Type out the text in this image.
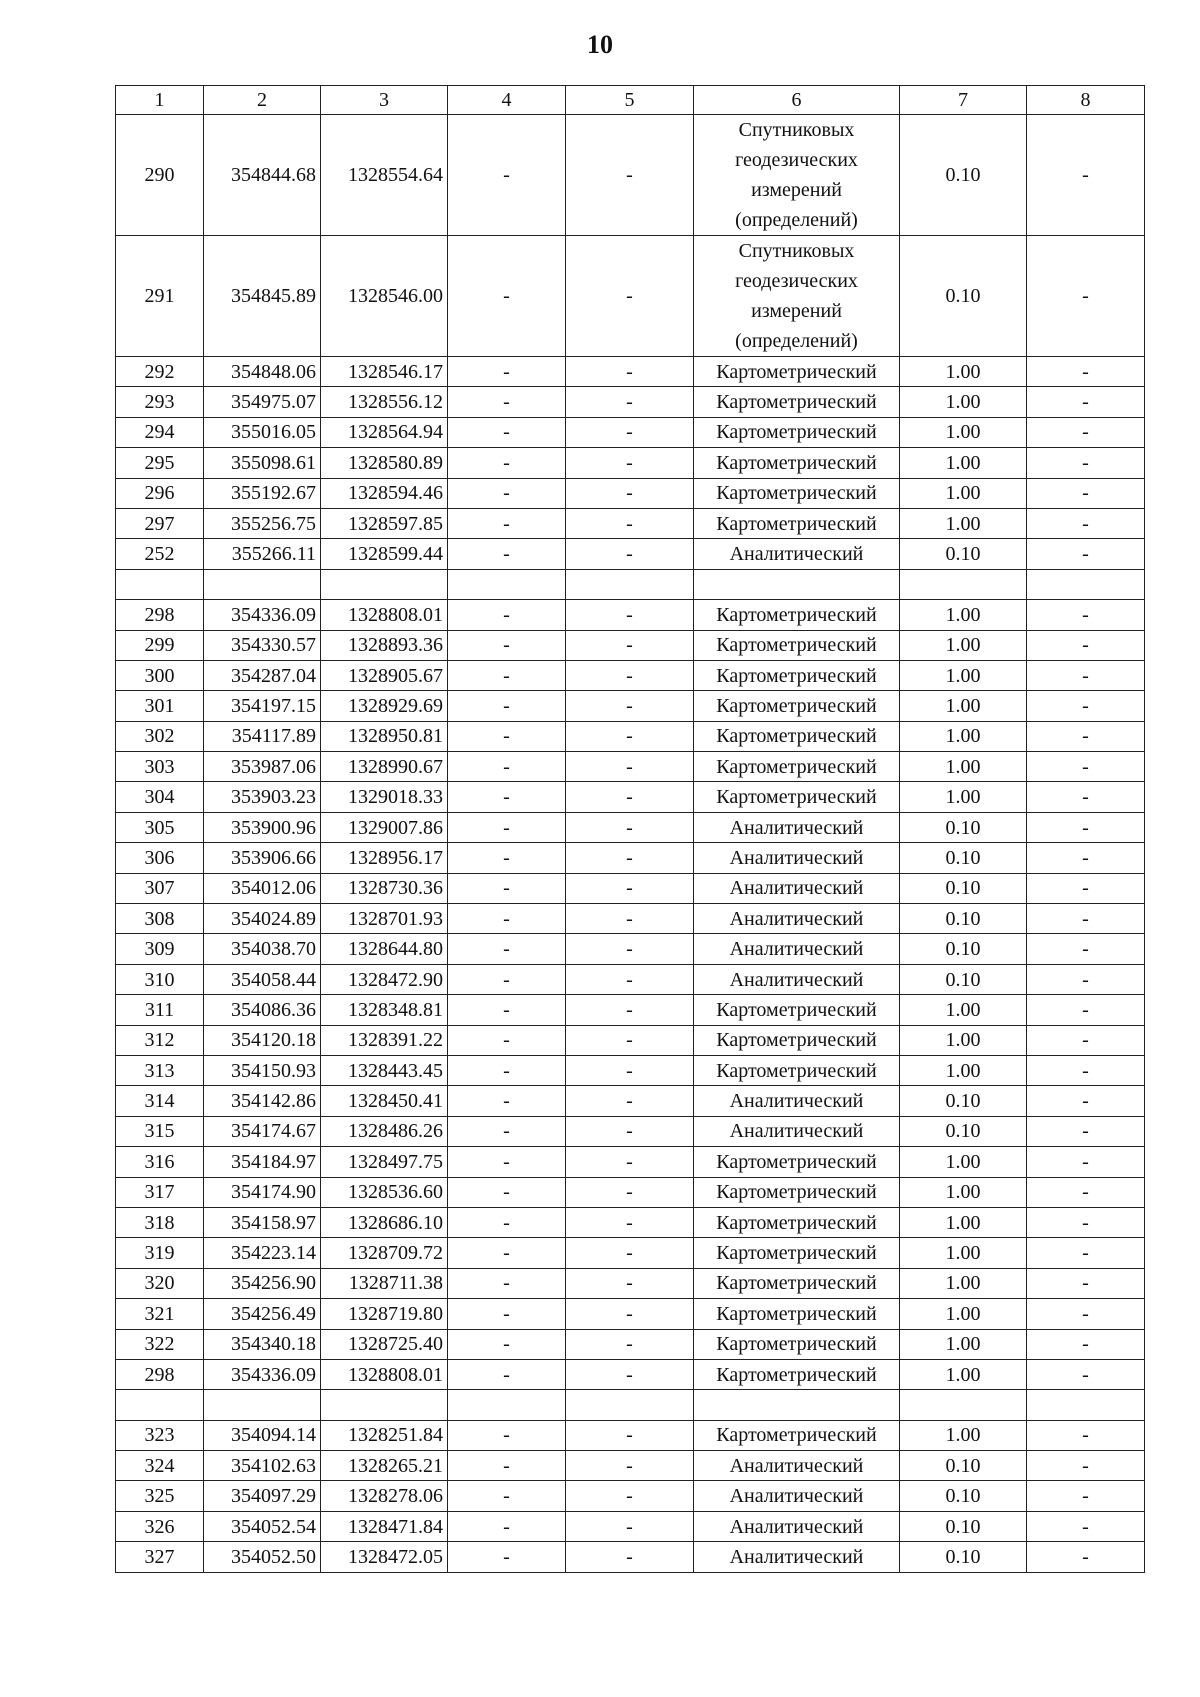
10
1	2	3	4	5	6	7	8
290	354844.68	1328554.64	-	-	Спутниковых геодезических измерений (определений)	0.10	-
291	354845.89	1328546.00	-	-	Спутниковых геодезических измерений (определений)	0.10	-
292	354848.06	1328546.17	-	-	Картометрический	1.00	-
293	354975.07	1328556.12	-	-	Картометрический	1.00	-
294	355016.05	1328564.94	-	-	Картометрический	1.00	-
295	355098.61	1328580.89	-	-	Картометрический	1.00	-
296	355192.67	1328594.46	-	-	Картометрический	1.00	-
297	355256.75	1328597.85	-	-	Картометрический	1.00	-
252	355266.11	1328599.44	-	-	Аналитический	0.10	-

298	354336.09	1328808.01	-	-	Картометрический	1.00	-
299	354330.57	1328893.36	-	-	Картометрический	1.00	-
300	354287.04	1328905.67	-	-	Картометрический	1.00	-
301	354197.15	1328929.69	-	-	Картометрический	1.00	-
302	354117.89	1328950.81	-	-	Картометрический	1.00	-
303	353987.06	1328990.67	-	-	Картометрический	1.00	-
304	353903.23	1329018.33	-	-	Картометрический	1.00	-
305	353900.96	1329007.86	-	-	Аналитический	0.10	-
306	353906.66	1328956.17	-	-	Аналитический	0.10	-
307	354012.06	1328730.36	-	-	Аналитический	0.10	-
308	354024.89	1328701.93	-	-	Аналитический	0.10	-
309	354038.70	1328644.80	-	-	Аналитический	0.10	-
310	354058.44	1328472.90	-	-	Аналитический	0.10	-
311	354086.36	1328348.81	-	-	Картометрический	1.00	-
312	354120.18	1328391.22	-	-	Картометрический	1.00	-
313	354150.93	1328443.45	-	-	Картометрический	1.00	-
314	354142.86	1328450.41	-	-	Аналитический	0.10	-
315	354174.67	1328486.26	-	-	Аналитический	0.10	-
316	354184.97	1328497.75	-	-	Картометрический	1.00	-
317	354174.90	1328536.60	-	-	Картометрический	1.00	-
318	354158.97	1328686.10	-	-	Картометрический	1.00	-
319	354223.14	1328709.72	-	-	Картометрический	1.00	-
320	354256.90	1328711.38	-	-	Картометрический	1.00	-
321	354256.49	1328719.80	-	-	Картометрический	1.00	-
322	354340.18	1328725.40	-	-	Картометрический	1.00	-
298	354336.09	1328808.01	-	-	Картометрический	1.00	-

323	354094.14	1328251.84	-	-	Картометрический	1.00	-
324	354102.63	1328265.21	-	-	Аналитический	0.10	-
325	354097.29	1328278.06	-	-	Аналитический	0.10	-
326	354052.54	1328471.84	-	-	Аналитический	0.10	-
327	354052.50	1328472.05	-	-	Аналитический	0.10	-
